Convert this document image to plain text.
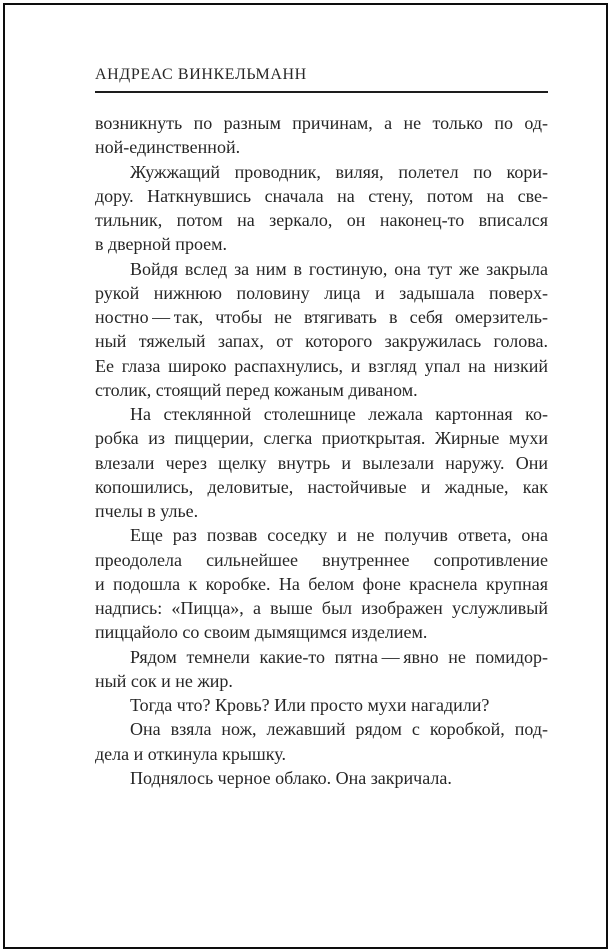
АНДРЕАС ВИНКЕЛЬМАНН

возникнуть по разным причинам, а не только по од-
ной-единственной.

Жужжащий проводник, виляя, полетел по кори-
дору. Наткнувшись сначала на стену, потом на све-
тильник, потом на зеркало, он наконец-то вписался
в дверной проем.

Войдя вслед за ним в гостиную, она тут же закрыла
рукой нижнюю половину лица и задышала поверх-
ностно — так, чтобы не втягивать в себя омерзитель-
ный тяжелый запах, от которого закружилась голова.
Ее глаза широко распахнулись, и взгляд упал на низкий
столик, стоящий перед кожаным диваном.

На стеклянной столешнице лежала картонная ко-
робка из пиццерии, слегка приоткрытая. Жирные мухи
влезали через щелку внутрь и вылезали наружу. Они
копошились, деловитые, настойчивые и жадные, как
пчелы в улье.

Еще раз позвав соседку и не получив ответа, она
преодолела сильнейшее внутреннее сопротивление
и подошла к коробке. На белом фоне краснела крупная
надпись: «Пицца», а выше был изображен услужливый
пиццайоло со своим дымящимся изделием.

Рядом темнели какие-то пятна — явно не помидор-
ный сок и не жир.

Тогда что? Кровь? Или просто мухи нагадили?

Она взяла нож, лежавший рядом с коробкой, под-
дела и откинула крышку.

Поднялось черное облако. Она закричала.
